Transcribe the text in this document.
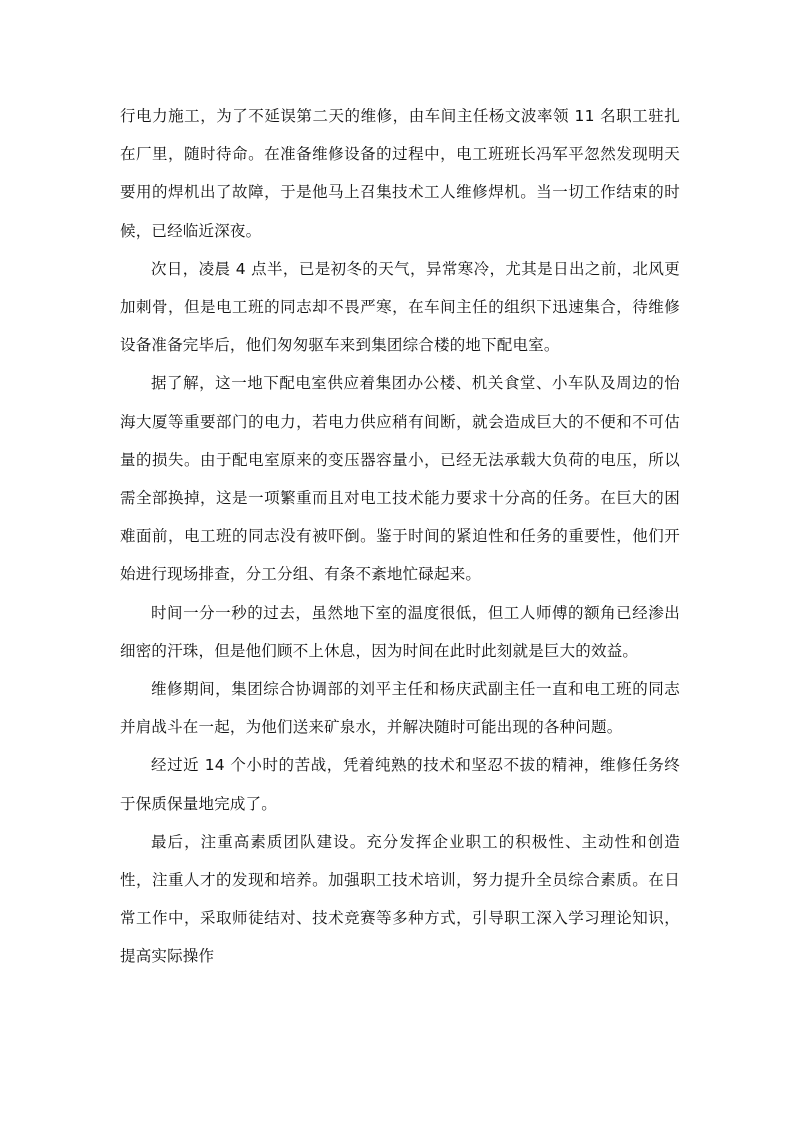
行电力施工，为了不延误第二天的维修，由车间主任杨文波率领 11 名职工驻扎在厂里，随时待命。在准备维修设备的过程中，电工班班长冯军平忽然发现明天要用的焊机出了故障，于是他马上召集技术工人维修焊机。当一切工作结束的时候，已经临近深夜。

次日，凌晨 4 点半，已是初冬的天气，异常寒冷，尤其是日出之前，北风更加刺骨，但是电工班的同志却不畏严寒，在车间主任的组织下迅速集合，待维修设备准备完毕后，他们匆匆驱车来到集团综合楼的地下配电室。

据了解，这一地下配电室供应着集团办公楼、机关食堂、小车队及周边的怡海大厦等重要部门的电力，若电力供应稍有间断，就会造成巨大的不便和不可估量的损失。由于配电室原来的变压器容量小，已经无法承载大负荷的电压，所以需全部换掉，这是一项繁重而且对电工技术能力要求十分高的任务。在巨大的困难面前，电工班的同志没有被吓倒。鉴于时间的紧迫性和任务的重要性，他们开始进行现场排查，分工分组、有条不紊地忙碌起来。

时间一分一秒的过去，虽然地下室的温度很低，但工人师傅的额角已经渗出细密的汗珠，但是他们顾不上休息，因为时间在此时此刻就是巨大的效益。

维修期间，集团综合协调部的刘平主任和杨庆武副主任一直和电工班的同志并肩战斗在一起，为他们送来矿泉水，并解决随时可能出现的各种问题。

经过近 14 个小时的苦战，凭着纯熟的技术和坚忍不拔的精神，维修任务终于保质保量地完成了。

最后，注重高素质团队建设。充分发挥企业职工的积极性、主动性和创造性，注重人才的发现和培养。加强职工技术培训，努力提升全员综合素质。在日常工作中，采取师徒结对、技术竞赛等多种方式，引导职工深入学习理论知识，提高实际操作
